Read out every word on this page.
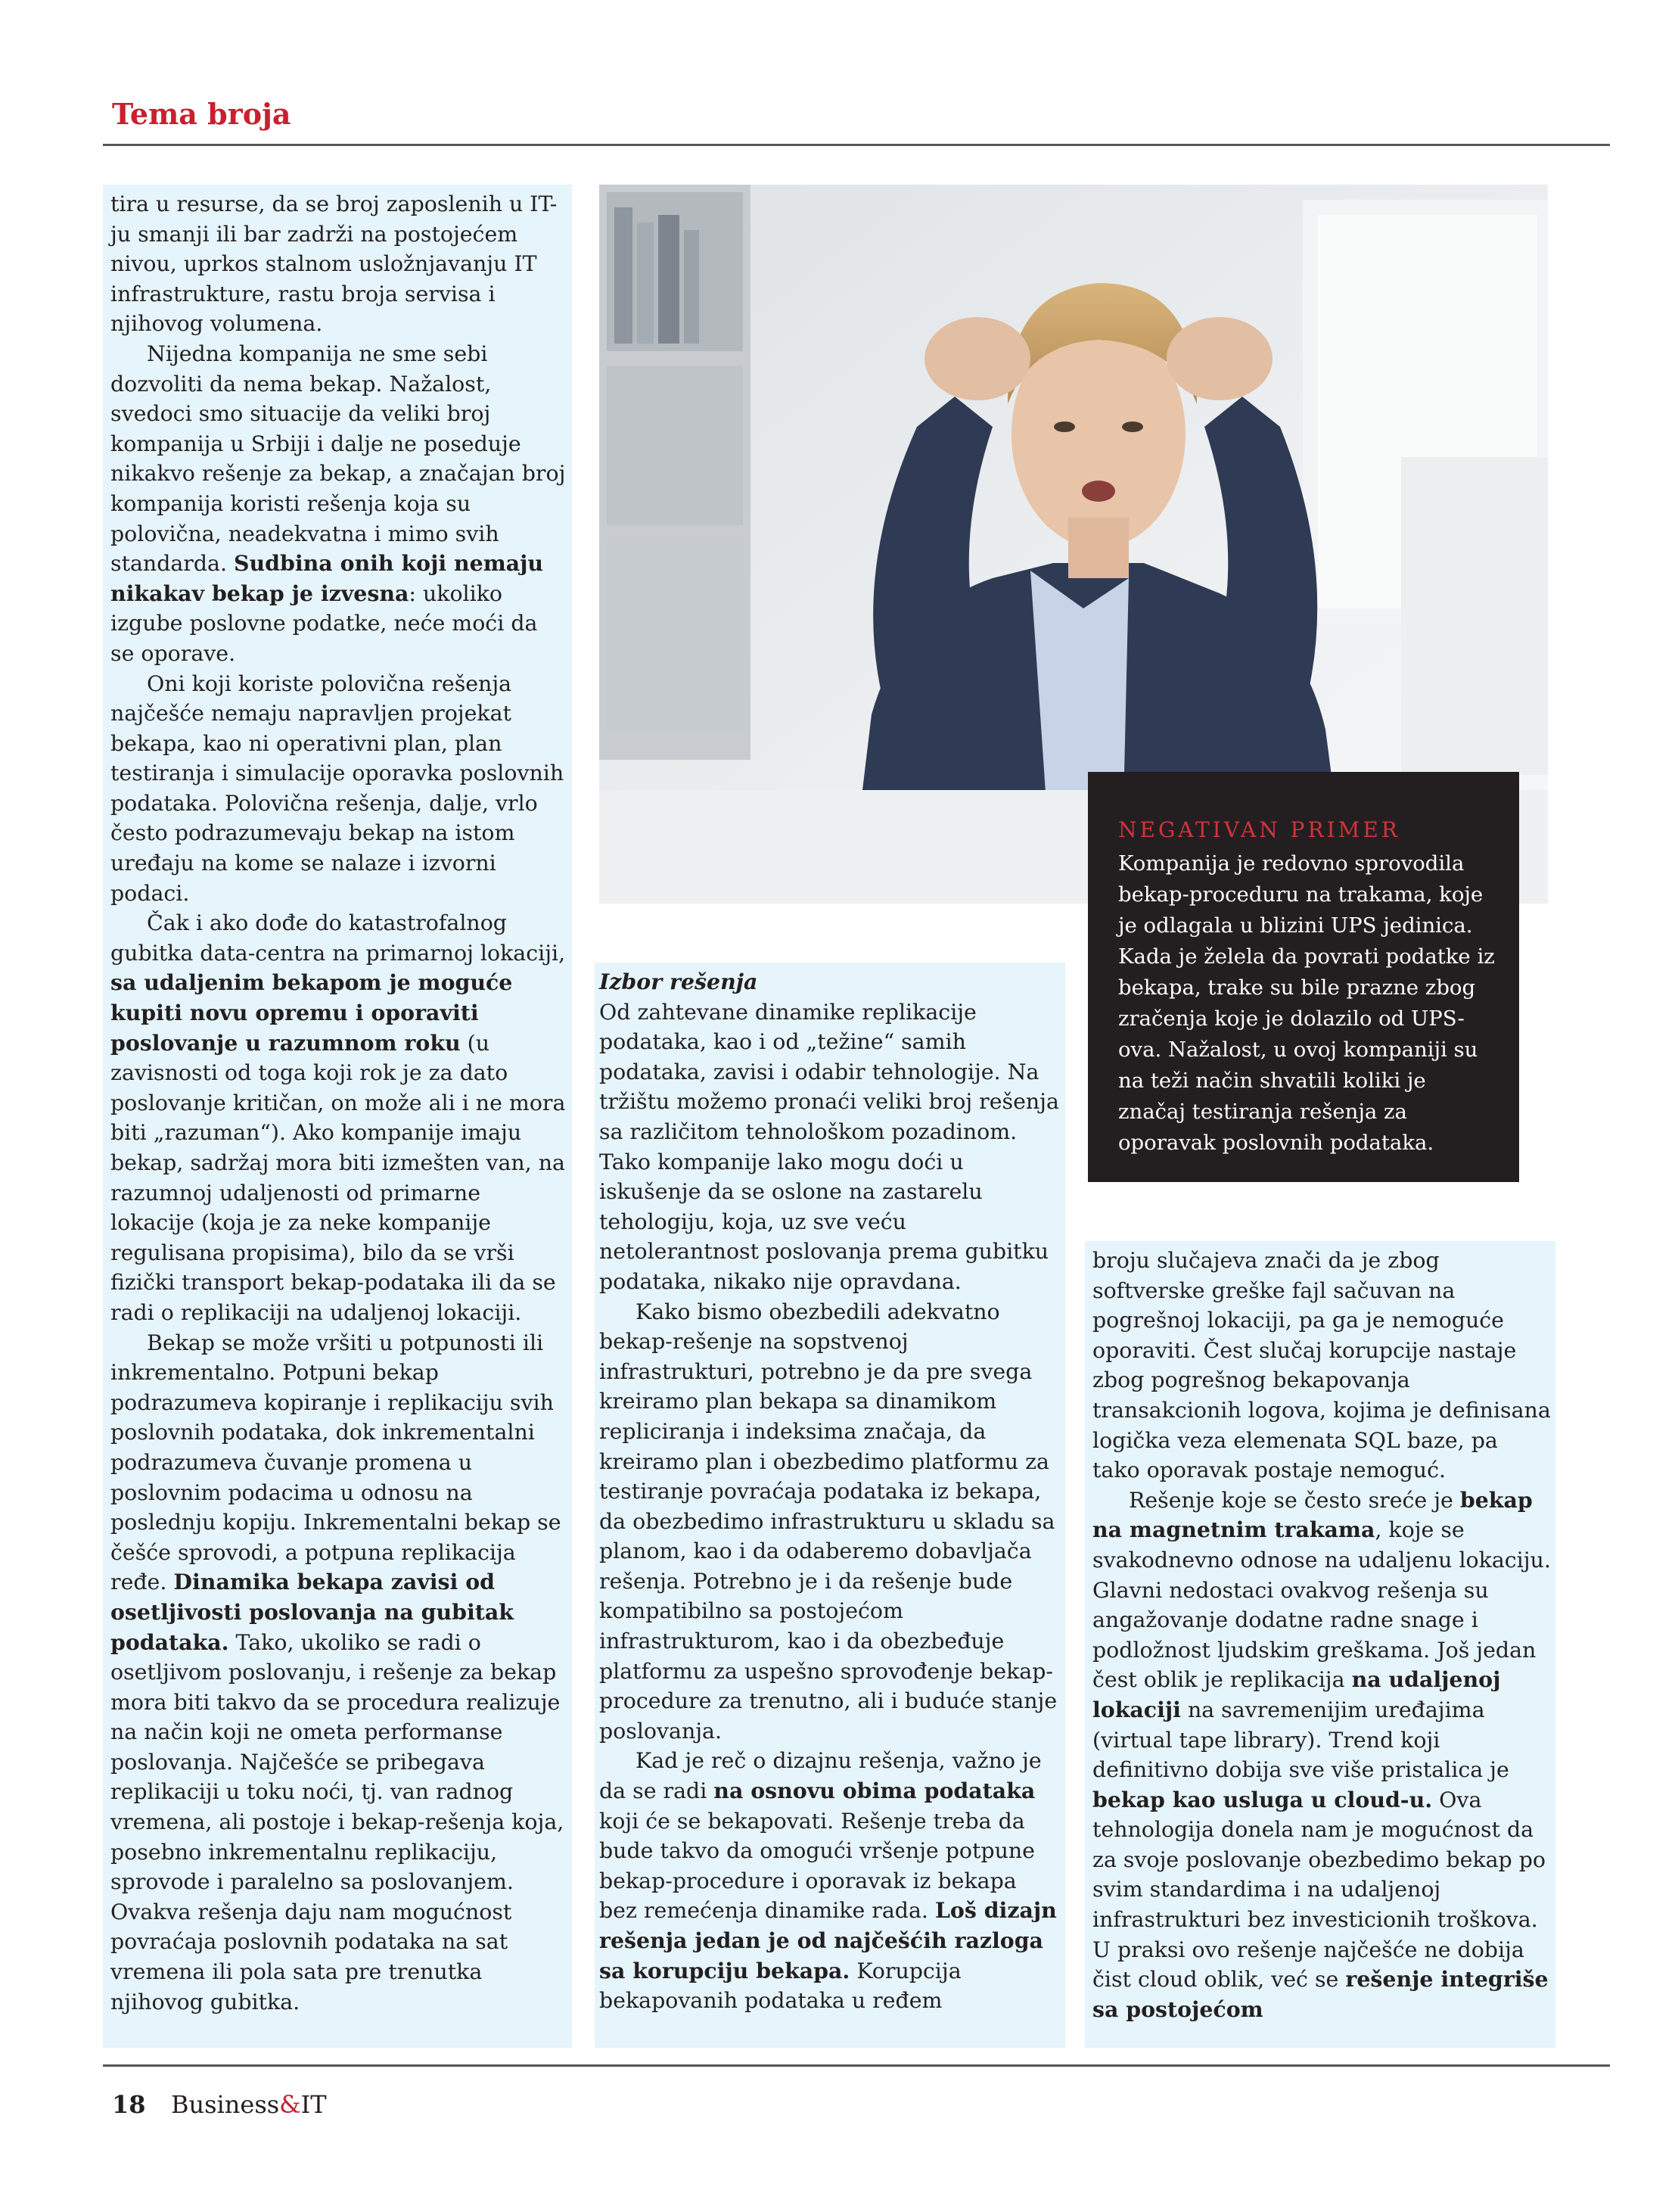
Tema broja

tira u resurse, da se broj zaposlenih u IT-ju smanji ili bar zadrži na postojećem nivou, uprkos stalnom usložnjavanju IT infrastrukture, rastu broja servisa i njihovog volumena.

Nijedna kompanija ne sme sebi dozvoliti da nema bekap. Nažalost, svedoci smo situacije da veliki broj kompanija u Srbiji i dalje ne poseduje nikakvo rešenje za bekap, a značajan broj kompanija koristi rešenja koja su polovična, neadekvatna i mimo svih standarda. Sudbina onih koji nemaju nikakav bekap je izvesna: ukoliko izgube poslovne podatke, neće moći da se oporave.

Oni koji koriste polovična rešenja najčešće nemaju napravljen projekat bekapa, kao ni operativni plan, plan testiranja i simulacije oporavka poslovnih podataka. Polovična rešenja, dalje, vrlo često podrazumevaju bekap na istom uređaju na kome se nalaze i izvorni podaci.

Čak i ako dođe do katastrofalnog gubitka data-centra na primarnoj lokaciji, sa udaljenim bekapom je moguće kupiti novu opremu i oporaviti poslovanje u razumnom roku (u zavisnosti od toga koji rok je za dato poslovanje kritičan, on može ali i ne mora biti „razuman“). Ako kompanije imaju bekap, sadržaj mora biti izmešten van, na razumnoj udaljenosti od primarne lokacije (koja je za neke kompanije regulisana propisima), bilo da se vrši fizički transport bekap-podataka ili da se radi o replikaciji na udaljenoj lokaciji.

Bekap se može vršiti u potpunosti ili inkrementalno. Potpuni bekap podrazumeva kopiranje i replikaciju svih poslovnih podataka, dok inkrementalni podrazumeva čuvanje promena u poslovnim podacima u odnosu na poslednju kopiju. Inkrementalni bekap se češće sprovodi, a potpuna replikacija ređe. Dinamika bekapa zavisi od osetljivosti poslovanja na gubitak podataka. Tako, ukoliko se radi o osetljivom poslovanju, i rešenje za bekap mora biti takvo da se procedura realizuje na način koji ne ometa performanse poslovanja. Najčešće se pribegava replikaciji u toku noći, tj. van radnog vremena, ali postoje i bekap-rešenja koja, posebno inkrementalnu replikaciju, sprovode i paralelno sa poslovanjem. Ovakva rešenja daju nam mogućnost povraćaja poslovnih podataka na sat vremena ili pola sata pre trenutka njihovog gubitka.

NEGATIVAN PRIMER
Kompanija je redovno sprovodila bekap-proceduru na trakama, koje je odlagala u blizini UPS jedinica. Kada je želela da povrati podatke iz bekapa, trake su bile prazne zbog zračenja koje je dolazilo od UPS-ova. Nažalost, u ovoj kompaniji su na teži način shvatili koliki je značaj testiranja rešenja za oporavak poslovnih podataka.

Izbor rešenja

Od zahtevane dinamike replikacije podataka, kao i od „težine“ samih podataka, zavisi i odabir tehnologije. Na tržištu možemo pronaći veliki broj rešenja sa različitom tehnološkom pozadinom. Tako kompanije lako mogu doći u iskušenje da se oslone na zastarelu tehologiju, koja, uz sve veću netolerantnost poslovanja prema gubitku podataka, nikako nije opravdana.

Kako bismo obezbedili adekvatno bekap-rešenje na sopstvenoj infrastrukturi, potrebno je da pre svega kreiramo plan bekapa sa dinamikom repliciranja i indeksima značaja, da kreiramo plan i obezbedimo platformu za testiranje povraćaja podataka iz bekapa, da obezbedimo infrastrukturu u skladu sa planom, kao i da odaberemo dobavljača rešenja. Potrebno je i da rešenje bude kompatibilno sa postojećom infrastrukturom, kao i da obezbeđuje platformu za uspešno sprovođenje bekap-procedure za trenutno, ali i buduće stanje poslovanja.

Kad je reč o dizajnu rešenja, važno je da se radi na osnovu obima podataka koji će se bekapovati. Rešenje treba da bude takvo da omogući vršenje potpune bekap-procedure i oporavak iz bekapa bez remećenja dinamike rada. Loš dizajn rešenja jedan je od najčešćih razloga sa korupciju bekapa. Korupcija bekapovanih podataka u ređem

broju slučajeva znači da je zbog softverske greške fajl sačuvan na pogrešnoj lokaciji, pa ga je nemoguće oporaviti. Čest slučaj korupcije nastaje zbog pogrešnog bekapovanja transakcionih logova, kojima je definisana logička veza elemenata SQL baze, pa tako oporavak postaje nemoguć.

Rešenje koje se često sreće je bekap na magnetnim trakama, koje se svakodnevno odnose na udaljenu lokaciju. Glavni nedostaci ovakvog rešenja su angažovanje dodatne radne snage i podložnost ljudskim greškama. Još jedan čest oblik je replikacija na udaljenoj lokaciji na savremenijim uređajima (virtual tape library). Trend koji definitivno dobija sve više pristalica je bekap kao usluga u cloud-u. Ova tehnologija donela nam je mogućnost da za svoje poslovanje obezbedimo bekap po svim standardima i na udaljenoj infrastrukturi bez investicionih troškova. U praksi ovo rešenje najčešće ne dobija čist cloud oblik, već se rešenje integriše sa postojećom

18 Business&IT
